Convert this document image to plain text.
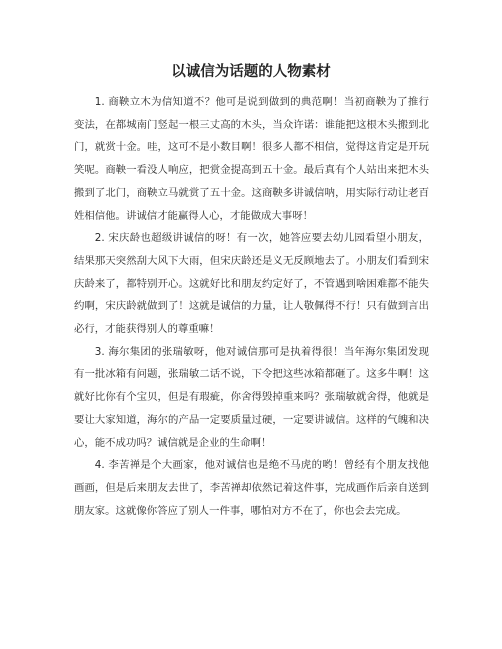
以诚信为话题的人物素材

1. 商鞅立木为信知道不？他可是说到做到的典范啊！当初商鞅为了推行变法，在都城南门竖起一根三丈高的木头，当众许诺：谁能把这根木头搬到北门，就赏十金。哇，这可不是小数目啊！很多人都不相信，觉得这肯定是开玩笑呢。商鞅一看没人响应，把赏金提高到五十金。最后真有个人站出来把木头搬到了北门，商鞅立马就赏了五十金。这商鞅多讲诚信呐，用实际行动让老百姓相信他。讲诚信才能赢得人心，才能做成大事呀！

2. 宋庆龄也超级讲诚信的呀！有一次，她答应要去幼儿园看望小朋友，结果那天突然刮大风下大雨，但宋庆龄还是义无反顾地去了。小朋友们看到宋庆龄来了，都特别开心。这就好比和朋友约定好了，不管遇到啥困难都不能失约啊，宋庆龄就做到了！这就是诚信的力量，让人敬佩得不行！只有做到言出必行，才能获得别人的尊重嘛！

3. 海尔集团的张瑞敏呀，他对诚信那可是执着得很！当年海尔集团发现有一批冰箱有问题，张瑞敏二话不说，下令把这些冰箱都砸了。这多牛啊！这就好比你有个宝贝，但是有瑕疵，你舍得毁掉重来吗？张瑞敏就舍得，他就是要让大家知道，海尔的产品一定要质量过硬，一定要讲诚信。这样的气魄和决心，能不成功吗？诚信就是企业的生命啊！

4. 李苦禅是个大画家，他对诚信也是绝不马虎的哟！曾经有个朋友找他画画，但是后来朋友去世了，李苦禅却依然记着这件事，完成画作后亲自送到朋友家。这就像你答应了别人一件事，哪怕对方不在了，你也会去完成。
